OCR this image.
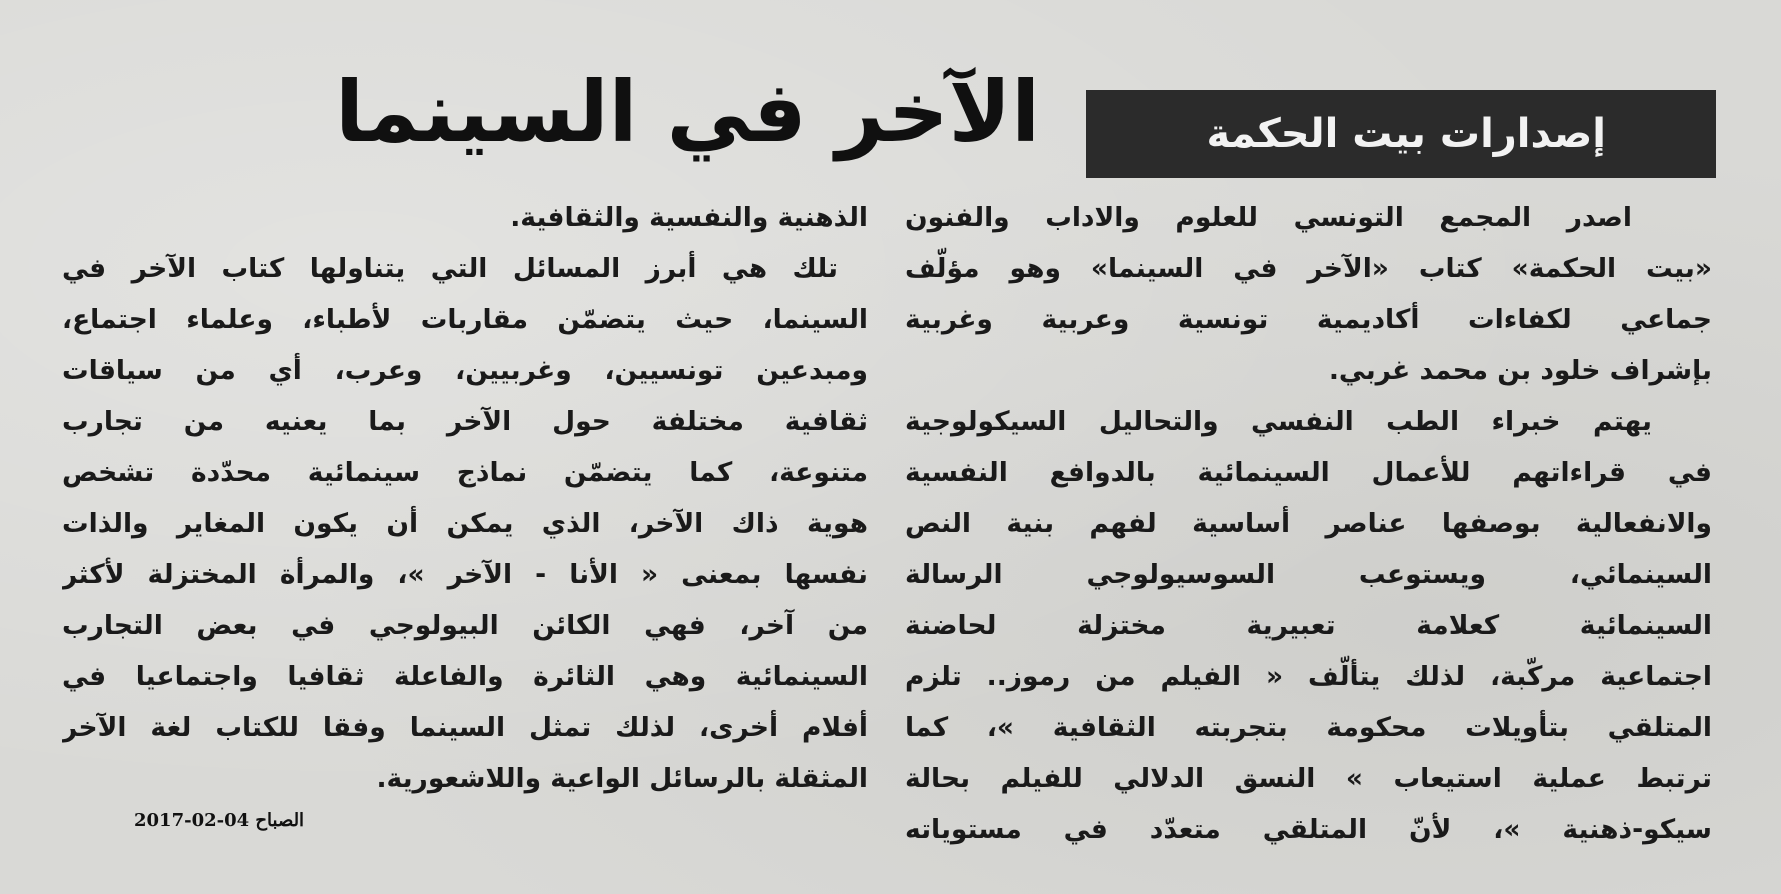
إصدارات بيت الحكمة
الآخر في السينما
اصدر المجمع التونسي للعلوم والاداب والفنون
«بيت الحكمة» كتاب «الآخر في السينما» وهو مؤلّف
جماعي لكفاءات أكاديمية تونسية وعربية وغربية
بإشراف خلود بن محمد غربي.
يهتم خبراء الطب النفسي والتحاليل السيكولوجية
في قراءاتهم للأعمال السينمائية بالدوافع النفسية
والانفعالية بوصفها عناصر أساسية لفهم بنية النص
السينمائي، ويستوعب السوسيولوجي الرسالة
السينمائية كعلامة تعبيرية مختزلة لحاضنة
اجتماعية مركّبة، لذلك يتألّف « الفيلم من رموز.. تلزم
المتلقي بتأويلات محكومة بتجربته الثقافية »، كما
ترتبط عملية استيعاب » النسق الدلالي للفيلم بحالة
سيكو-ذهنية »، لأنّ المتلقي متعدّد في مستوياته
الذهنية والنفسية والثقافية.
تلك هي أبرز المسائل التي يتناولها كتاب الآخر في
السينما، حيث يتضمّن مقاربات لأطباء، وعلماء اجتماع،
ومبدعين تونسيين، وغربيين، وعرب، أي من سياقات
ثقافية مختلفة حول الآخر بما يعنيه من تجارب
متنوعة، كما يتضمّن نماذج سينمائية محدّدة تشخص
هوية ذاك الآخر، الذي يمكن أن يكون المغاير والذات
نفسها بمعنى « الأنا - الآخر »، والمرأة المختزلة لأكثر
من آخر، فهي الكائن البيولوجي في بعض التجارب
السينمائية وهي الثائرة والفاعلة ثقافيا واجتماعيا في
أفلام أخرى، لذلك تمثل السينما وفقا للكتاب لغة الآخر
المثقلة بالرسائل الواعية واللاشعورية.
2017-02-04 الصباح
